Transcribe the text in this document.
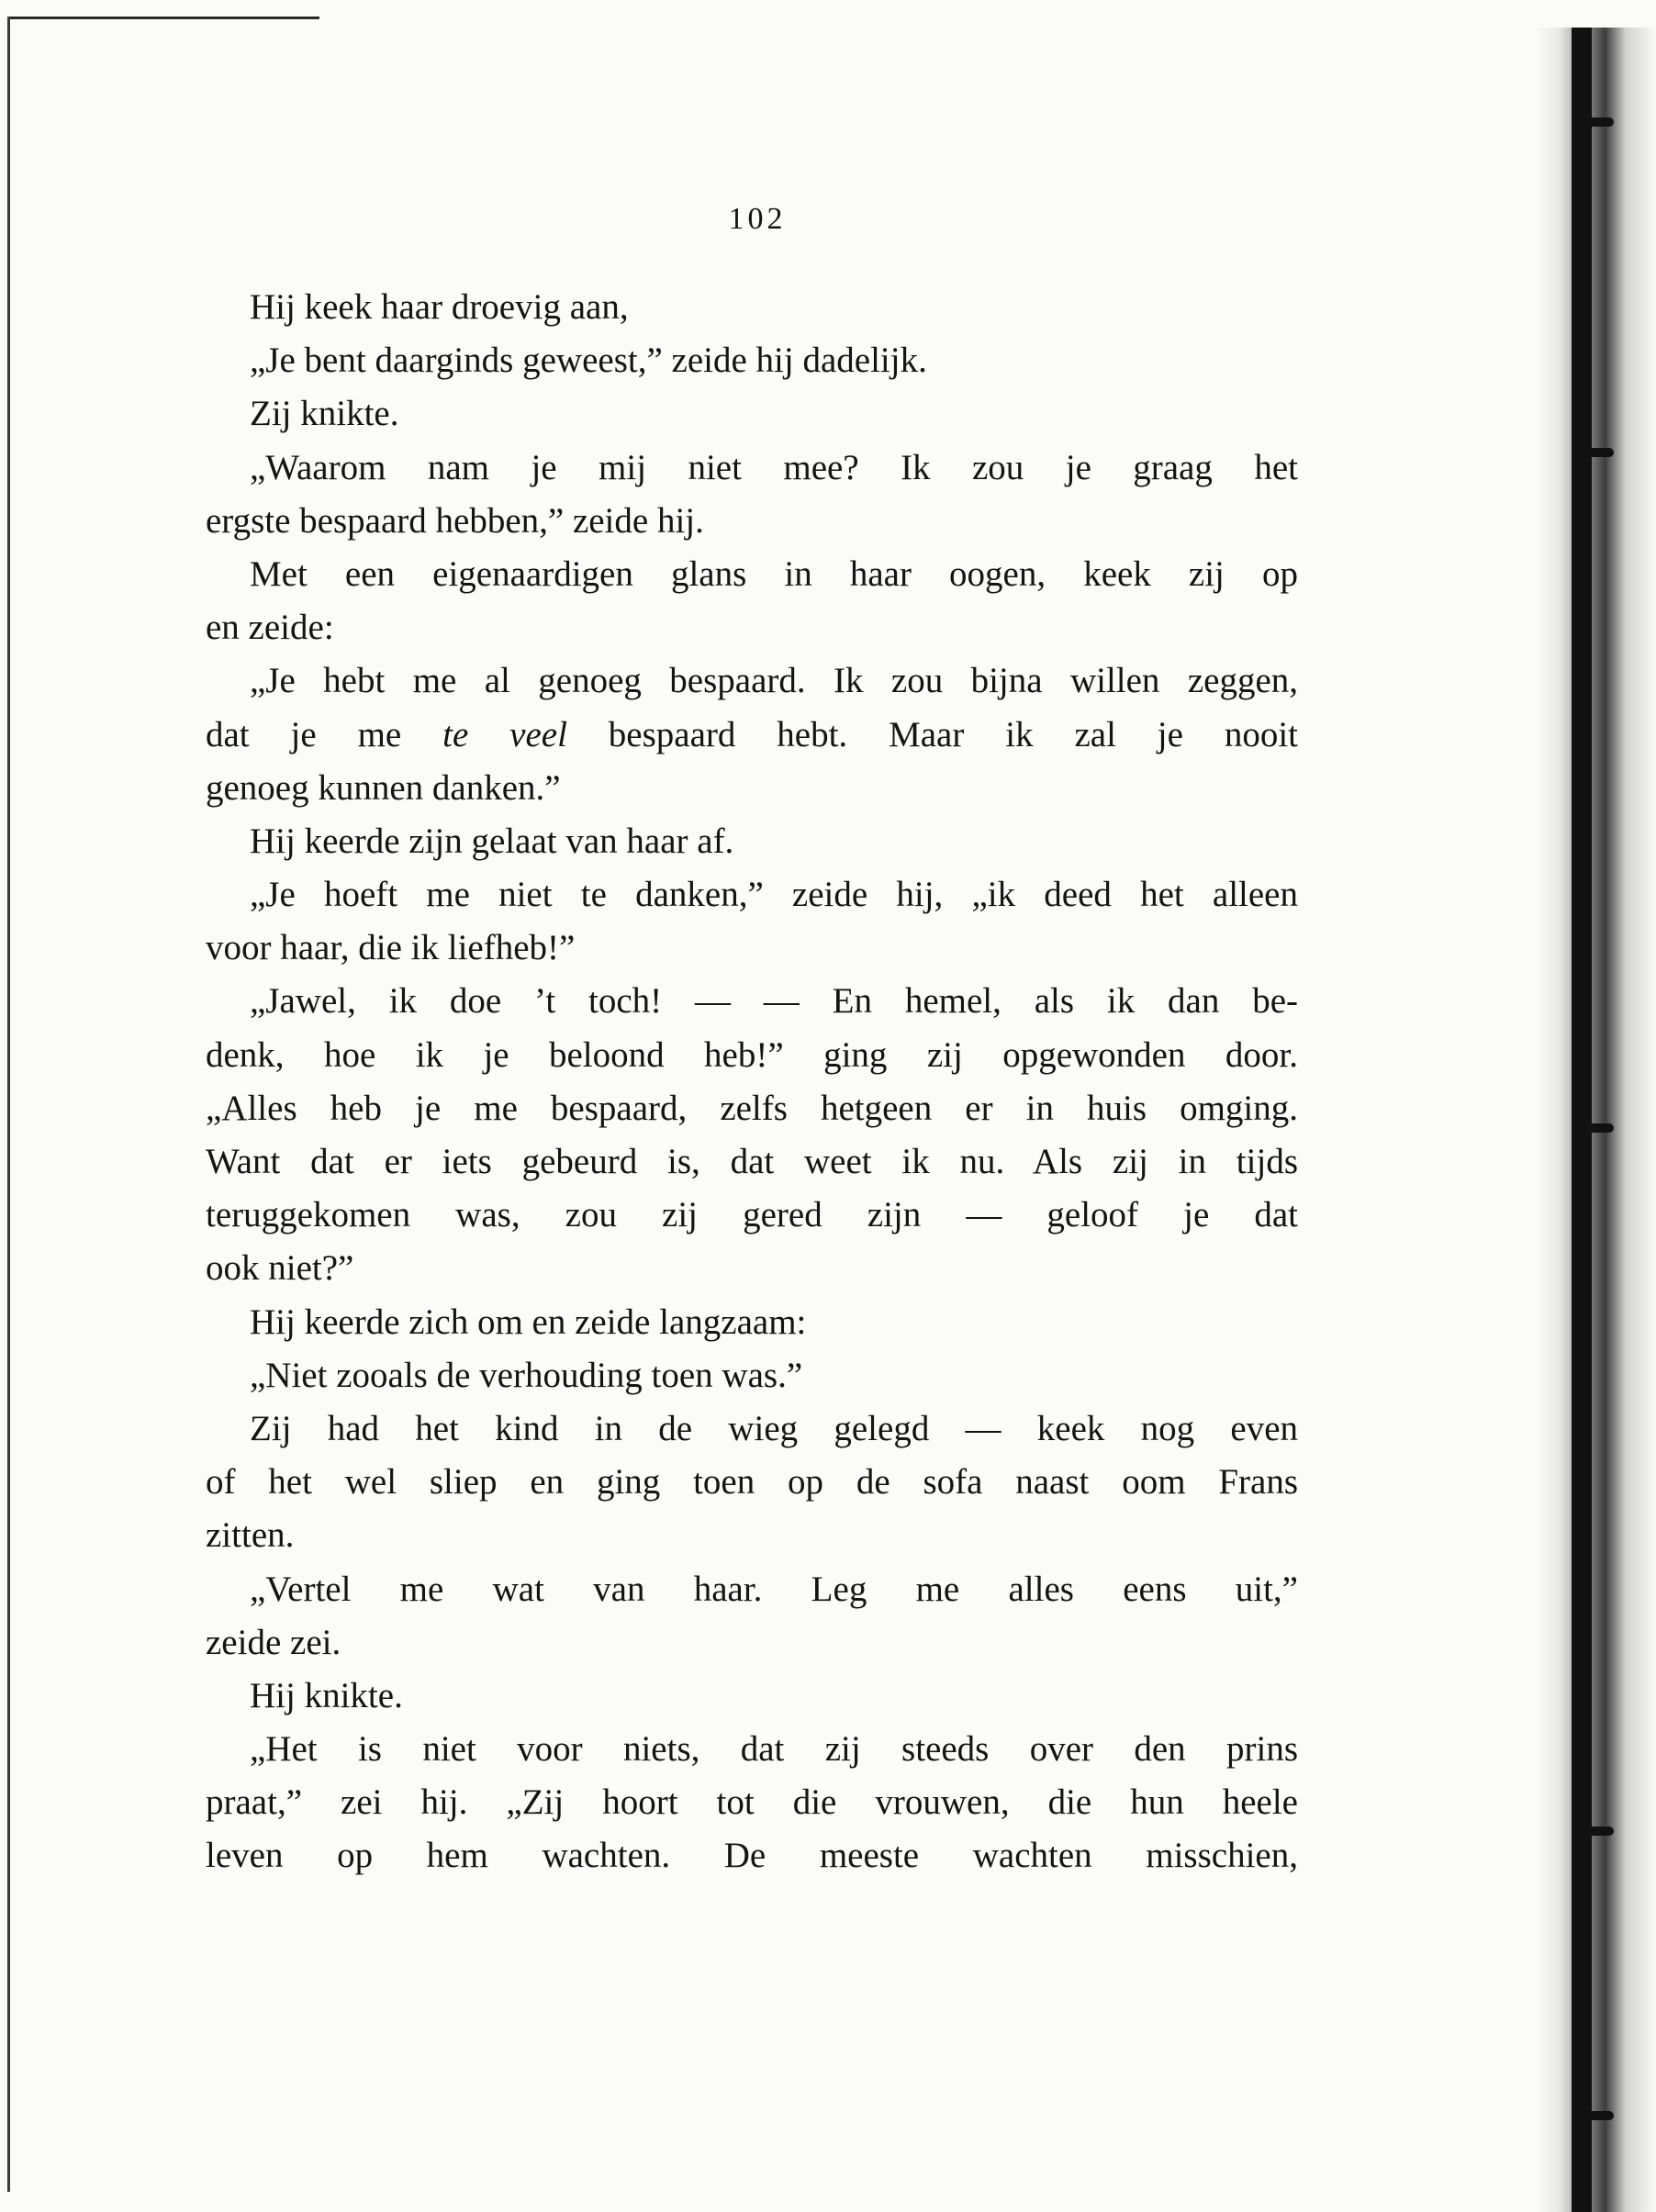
102
Hij keek haar droevig aan,
„Je bent daarginds geweest,” zeide hij dadelijk.
Zij knikte.
„Waarom nam je mij niet mee? Ik zou je graag het
ergste bespaard hebben,” zeide hij.
Met een eigenaardigen glans in haar oogen, keek zij op
en zeide:
„Je hebt me al genoeg bespaard. Ik zou bijna willen zeggen,
dat je me te veel bespaard hebt. Maar ik zal je nooit
genoeg kunnen danken.”
Hij keerde zijn gelaat van haar af.
„Je hoeft me niet te danken,” zeide hij, „ik deed het alleen
voor haar, die ik liefheb!”
„Jawel, ik doe ’t toch! — — En hemel, als ik dan be-
denk, hoe ik je beloond heb!” ging zij opgewonden door.
„Alles heb je me bespaard, zelfs hetgeen er in huis omging.
Want dat er iets gebeurd is, dat weet ik nu. Als zij in tijds
teruggekomen was, zou zij gered zijn — geloof je dat
ook niet?”
Hij keerde zich om en zeide langzaam:
„Niet zooals de verhouding toen was.”
Zij had het kind in de wieg gelegd — keek nog even
of het wel sliep en ging toen op de sofa naast oom Frans
zitten.
„Vertel me wat van haar. Leg me alles eens uit,”
zeide zei.
Hij knikte.
„Het is niet voor niets, dat zij steeds over den prins
praat,” zei hij. „Zij hoort tot die vrouwen, die hun heele
leven op hem wachten. De meeste wachten misschien,
